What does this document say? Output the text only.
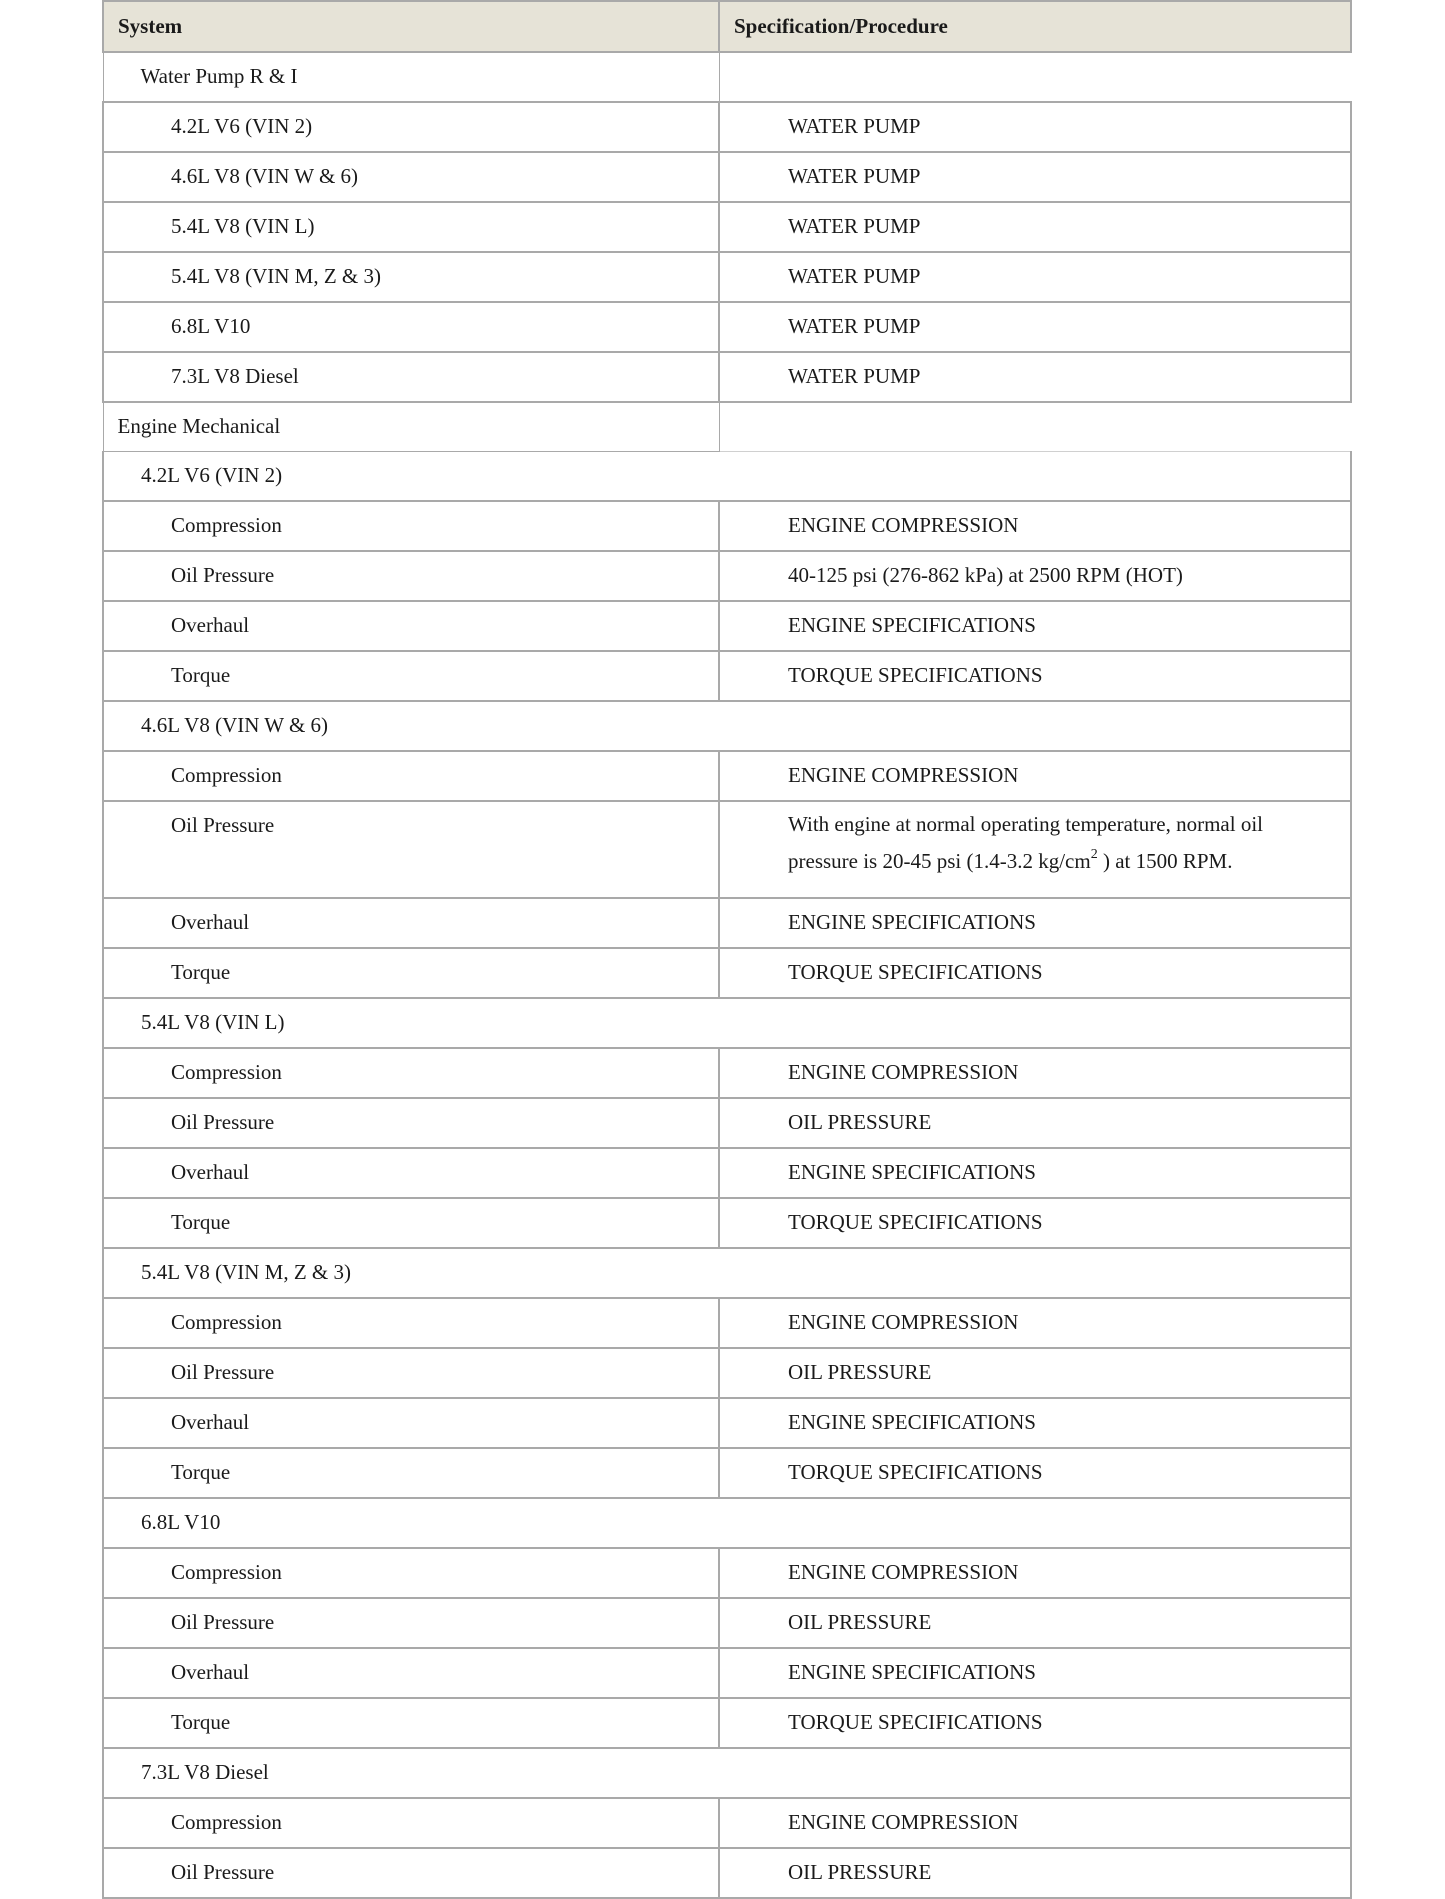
System	Specification/Procedure
Water Pump R & I	
4.2L V6 (VIN 2)	WATER PUMP
4.6L V8 (VIN W & 6)	WATER PUMP
5.4L V8 (VIN L)	WATER PUMP
5.4L V8 (VIN M, Z & 3)	WATER PUMP
6.8L V10	WATER PUMP
7.3L V8 Diesel	WATER PUMP
Engine Mechanical	
4.2L V6 (VIN 2)	
Compression	ENGINE COMPRESSION
Oil Pressure	40-125 psi (276-862 kPa) at 2500 RPM (HOT)
Overhaul	ENGINE SPECIFICATIONS
Torque	TORQUE SPECIFICATIONS
4.6L V8 (VIN W & 6)	
Compression	ENGINE COMPRESSION
Oil Pressure	With engine at normal operating temperature, normal oil pressure is 20-45 psi (1.4-3.2 $kg/cm^2$ ) at 1500 RPM.
Overhaul	ENGINE SPECIFICATIONS
Torque	TORQUE SPECIFICATIONS
5.4L V8 (VIN L)	
Compression	ENGINE COMPRESSION
Oil Pressure	OIL PRESSURE
Overhaul	ENGINE SPECIFICATIONS
Torque	TORQUE SPECIFICATIONS
5.4L V8 (VIN M, Z & 3)	
Compression	ENGINE COMPRESSION
Oil Pressure	OIL PRESSURE
Overhaul	ENGINE SPECIFICATIONS
Torque	TORQUE SPECIFICATIONS
6.8L V10	
Compression	ENGINE COMPRESSION
Oil Pressure	OIL PRESSURE
Overhaul	ENGINE SPECIFICATIONS
Torque	TORQUE SPECIFICATIONS
7.3L V8 Diesel	
Compression	ENGINE COMPRESSION
Oil Pressure	OIL PRESSURE
